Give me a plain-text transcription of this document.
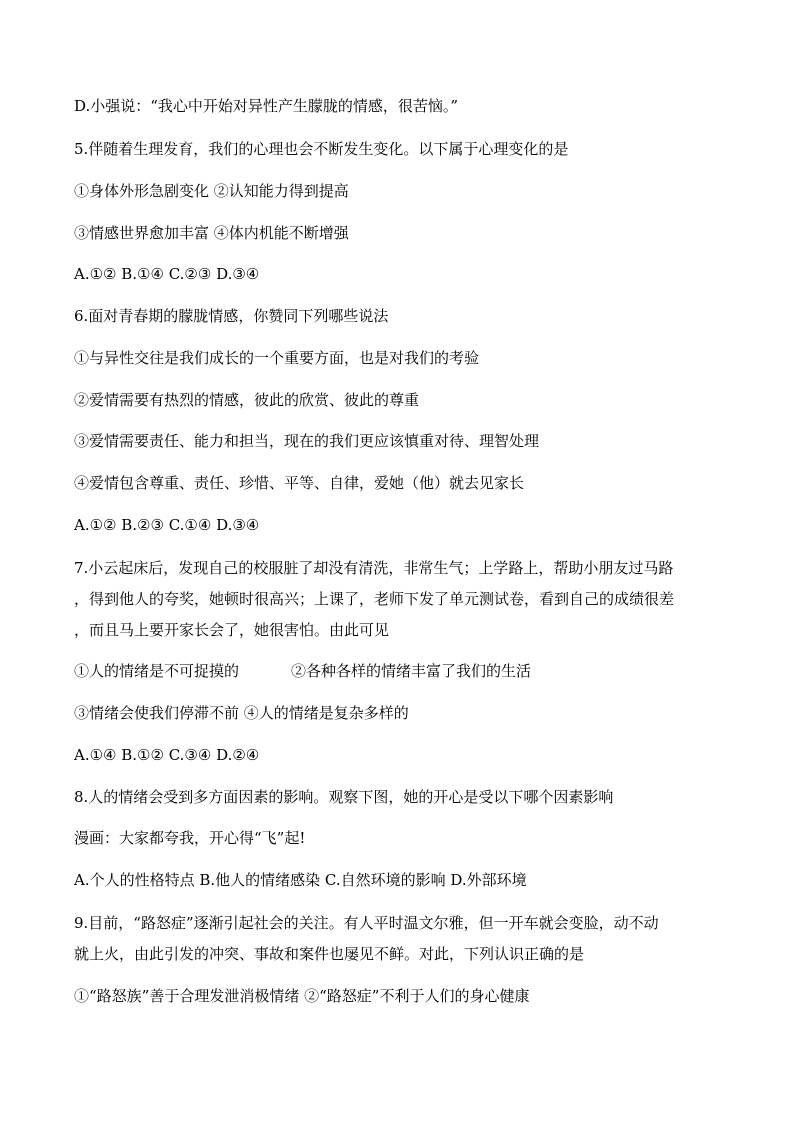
D.小强说：“我心中开始对异性产生朦胧的情感，很苦恼。”
5.伴随着生理发育，我们的心理也会不断发生变化。以下属于心理变化的是
①身体外形急剧变化 ②认知能力得到提高
③情感世界愈加丰富 ④体内机能不断增强
A.①② B.①④ C.②③ D.③④
6.面对青春期的朦胧情感，你赞同下列哪些说法
①与异性交往是我们成长的一个重要方面，也是对我们的考验
②爱情需要有热烈的情感，彼此的欣赏、彼此的尊重
③爱情需要责任、能力和担当，现在的我们更应该慎重对待、理智处理
④爱情包含尊重、责任、珍惜、平等、自律，爱她（他）就去见家长
A.①② B.②③ C.①④ D.③④
7.小云起床后，发现自己的校服脏了却没有清洗，非常生气；上学路上，帮助小朋友过马路
，得到他人的夸奖，她顿时很高兴；上课了，老师下发了单元测试卷，看到自己的成绩很差
，而且马上要开家长会了，她很害怕。由此可见
①人的情绪是不可捉摸的	②各种各样的情绪丰富了我们的生活
③情绪会使我们停滞不前 ④人的情绪是复杂多样的
A.①④ B.①② C.③④ D.②④
8.人的情绪会受到多方面因素的影响。观察下图，她的开心是受以下哪个因素影响
漫画：大家都夸我，开心得“飞”起!
A.个人的性格特点 B.他人的情绪感染 C.自然环境的影响 D.外部环境
9.目前，“路怒症”逐渐引起社会的关注。有人平时温文尔雅，但一开车就会变脸，动不动
就上火，由此引发的冲突、事故和案件也屡见不鲜。对此，下列认识正确的是
①“路怒族”善于合理发泄消极情绪 ②“路怒症”不利于人们的身心健康
